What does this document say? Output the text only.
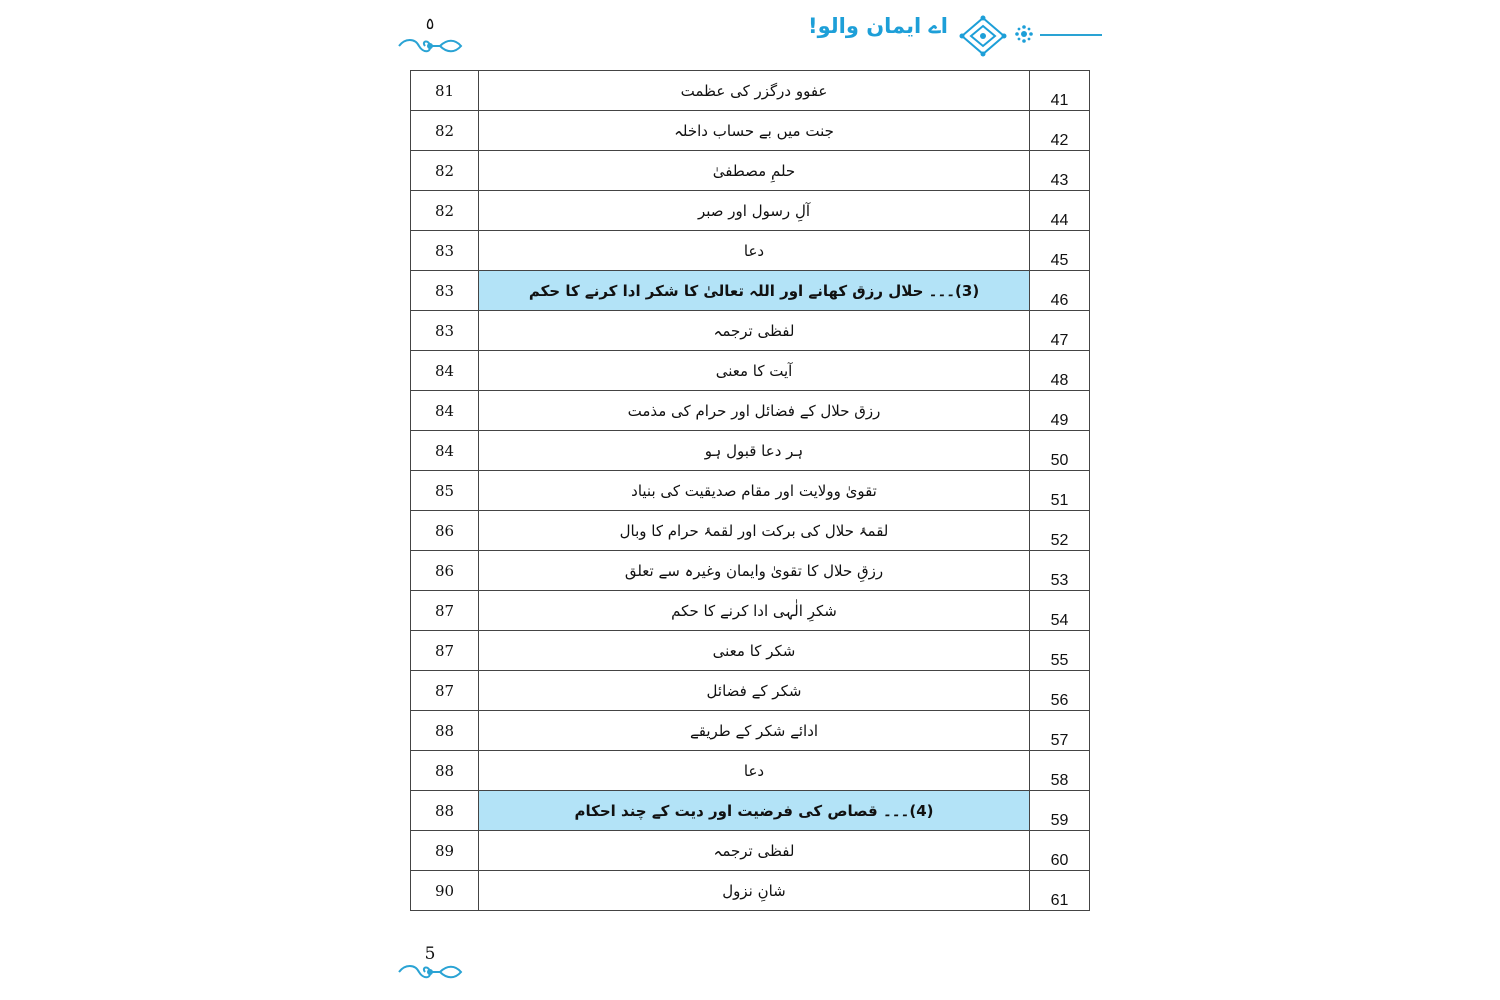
٥	اے ایمان والو!
81	عفوو درگزر کی عظمت	41
82	جنت میں بے حساب داخلہ	42
82	حلمِ مصطفیٰ	43
82	آلِ رسول اور صبر	44
83	دعا	45
83	(3)۔۔۔ حلال رزق کھانے اور اللہ تعالیٰ کا شکر ادا کرنے کا حکم	46
83	لفظی ترجمہ	47
84	آیت کا معنی	48
84	رزق حلال کے فضائل اور حرام کی مذمت	49
84	ہر دعا قبول ہو	50
85	تقویٰ وولایت اور مقام صدیقیت کی بنیاد	51
86	لقمۂ حلال کی برکت اور لقمۂ حرام کا وبال	52
86	رزقِ حلال کا تقویٰ وایمان وغیرہ سے تعلق	53
87	شکرِ الٰہی ادا کرنے کا حکم	54
87	شکر کا معنی	55
87	شکر کے فضائل	56
88	ادائے شکر کے طریقے	57
88	دعا	58
88	(4)۔۔۔ قصاص کی فرضیت اور دیت کے چند احکام	59
89	لفظی ترجمہ	60
90	شانِ نزول	61
5
